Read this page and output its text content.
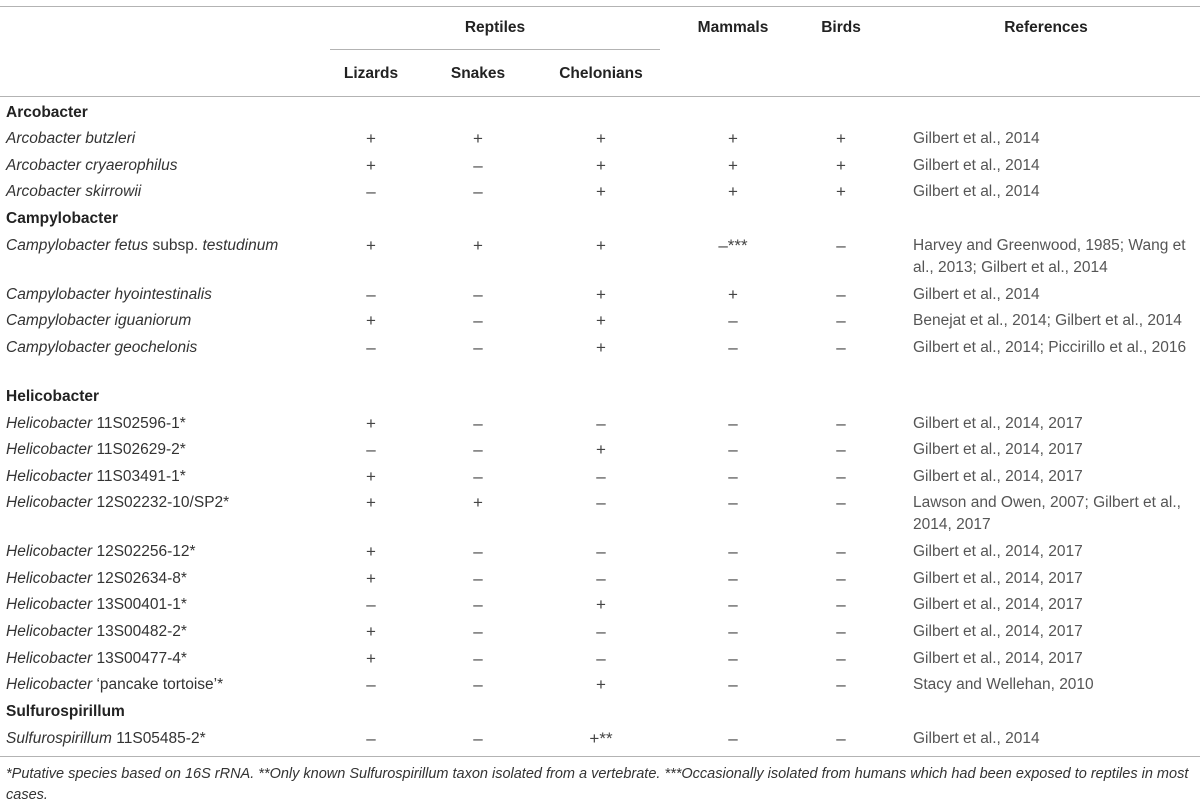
Reptiles	Mammals	Birds	References
Lizards	Snakes	Chelonians
Arcobacter
Arcobacter butzleri	+	+	+	+	+	Gilbert et al., 2014
Arcobacter cryaerophilus	+	–	+	+	+	Gilbert et al., 2014
Arcobacter skirrowii	–	–	+	+	+	Gilbert et al., 2014
Campylobacter
Campylobacter fetus subsp. testudinum	+	+	+	–***	–	Harvey and Greenwood, 1985; Wang et al., 2013; Gilbert et al., 2014
Campylobacter hyointestinalis	–	–	+	+	–	Gilbert et al., 2014
Campylobacter iguaniorum	+	–	+	–	–	Benejat et al., 2014; Gilbert et al., 2014
Campylobacter geochelonis	–	–	+	–	–	Gilbert et al., 2014; Piccirillo et al., 2016
Helicobacter
Helicobacter 11S02596-1*	+	–	–	–	–	Gilbert et al., 2014, 2017
Helicobacter 11S02629-2*	–	–	+	–	–	Gilbert et al., 2014, 2017
Helicobacter 11S03491-1*	+	–	–	–	–	Gilbert et al., 2014, 2017
Helicobacter 12S02232-10/SP2*	+	+	–	–	–	Lawson and Owen, 2007; Gilbert et al., 2014, 2017
Helicobacter 12S02256-12*	+	–	–	–	–	Gilbert et al., 2014, 2017
Helicobacter 12S02634-8*	+	–	–	–	–	Gilbert et al., 2014, 2017
Helicobacter 13S00401-1*	–	–	+	–	–	Gilbert et al., 2014, 2017
Helicobacter 13S00482-2*	+	–	–	–	–	Gilbert et al., 2014, 2017
Helicobacter 13S00477-4*	+	–	–	–	–	Gilbert et al., 2014, 2017
Helicobacter ‘pancake tortoise’*	–	–	+	–	–	Stacy and Wellehan, 2010
Sulfurospirillum
Sulfurospirillum 11S05485-2*	–	–	+**	–	–	Gilbert et al., 2014
*Putative species based on 16S rRNA. **Only known Sulfurospirillum taxon isolated from a vertebrate. ***Occasionally isolated from humans which had been exposed to reptiles in most cases.
